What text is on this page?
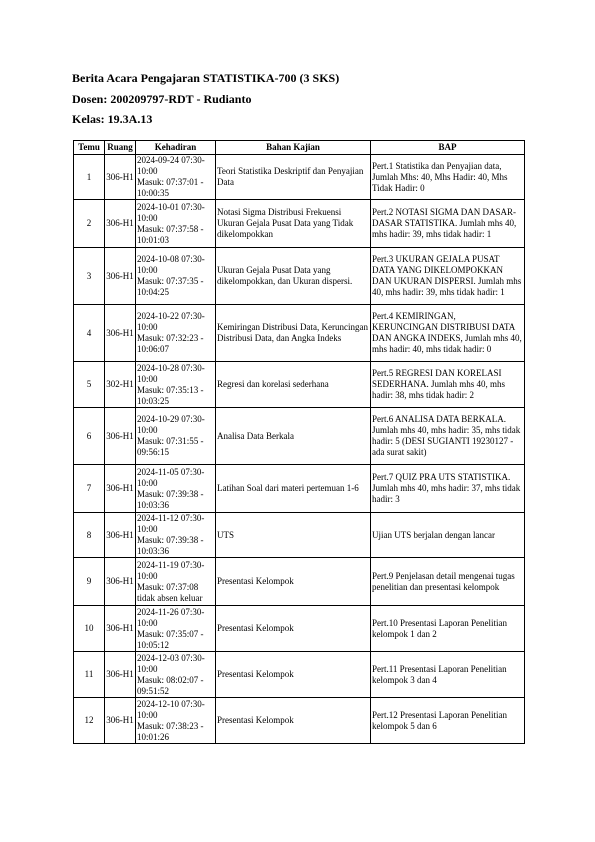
Berita Acara Pengajaran STATISTIKA-700 (3 SKS)
Dosen: 200209797-RDT - Rudianto
Kelas: 19.3A.13
Temu	Ruang	Kehadiran	Bahan Kajian	BAP
1	306-H1	2024-09-24 07:30-10:00
Masuk: 07:37:01 - 10:00:35	Teori Statistika Deskriptif dan Penyajian Data	Pert.1 Statistika dan Penyajian data, Jumlah Mhs: 40, Mhs Hadir: 40, Mhs Tidak Hadir: 0
2	306-H1	2024-10-01 07:30-10:00
Masuk: 07:37:58 - 10:01:03	Notasi Sigma Distribusi Frekuensi Ukuran Gejala Pusat Data yang Tidak dikelompokkan	Pert.2 NOTASI SIGMA DAN DASAR-DASAR STATISTIKA. Jumlah mhs 40, mhs hadir: 39, mhs tidak hadir: 1
3	306-H1	2024-10-08 07:30-10:00
Masuk: 07:37:35 - 10:04:25	Ukuran Gejala Pusat Data yang dikelompokkan, dan Ukuran dispersi.	Pert.3 UKURAN GEJALA PUSAT DATA YANG DIKELOMPOKKAN DAN UKURAN DISPERSI. Jumlah mhs 40, mhs hadir: 39, mhs tidak hadir: 1
4	306-H1	2024-10-22 07:30-10:00
Masuk: 07:32:23 - 10:06:07	Kemiringan Distribusi Data, Keruncingan Distribusi Data, dan Angka Indeks	Pert.4 KEMIRINGAN, KERUNCINGAN DISTRIBUSI DATA DAN ANGKA INDEKS, Jumlah mhs 40, mhs hadir: 40, mhs tidak hadir: 0
5	302-H1	2024-10-28 07:30-10:00
Masuk: 07:35:13 - 10:03:25	Regresi dan korelasi sederhana	Pert.5 REGRESI DAN KORELASI SEDERHANA. Jumlah mhs 40, mhs hadir: 38, mhs tidak hadir: 2
6	306-H1	2024-10-29 07:30-10:00
Masuk: 07:31:55 - 09:56:15	Analisa Data Berkala	Pert.6 ANALISA DATA BERKALA. Jumlah mhs 40, mhs hadir: 35, mhs tidak hadir: 5 (DESI SUGIANTI 19230127 - ada surat sakit)
7	306-H1	2024-11-05 07:30-10:00
Masuk: 07:39:38 - 10:03:36	Latihan Soal dari materi pertemuan 1-6	Pert.7 QUIZ PRA UTS STATISTIKA. Jumlah mhs 40, mhs hadir: 37, mhs tidak hadir: 3
8	306-H1	2024-11-12 07:30-10:00
Masuk: 07:39:38 - 10:03:36	UTS	Ujian UTS berjalan dengan lancar
9	306-H1	2024-11-19 07:30-10:00
Masuk: 07:37:08
tidak absen keluar	Presentasi Kelompok	Pert.9 Penjelasan detail mengenai tugas penelitian dan presentasi kelompok
10	306-H1	2024-11-26 07:30-10:00
Masuk: 07:35:07 - 10:05:12	Presentasi Kelompok	Pert.10 Presentasi Laporan Penelitian kelompok 1 dan 2
11	306-H1	2024-12-03 07:30-10:00
Masuk: 08:02:07 - 09:51:52	Presentasi Kelompok	Pert.11 Presentasi Laporan Penelitian kelompok 3 dan 4
12	306-H1	2024-12-10 07:30-10:00
Masuk: 07:38:23 - 10:01:26	Presentasi Kelompok	Pert.12 Presentasi Laporan Penelitian kelompok 5 dan 6
